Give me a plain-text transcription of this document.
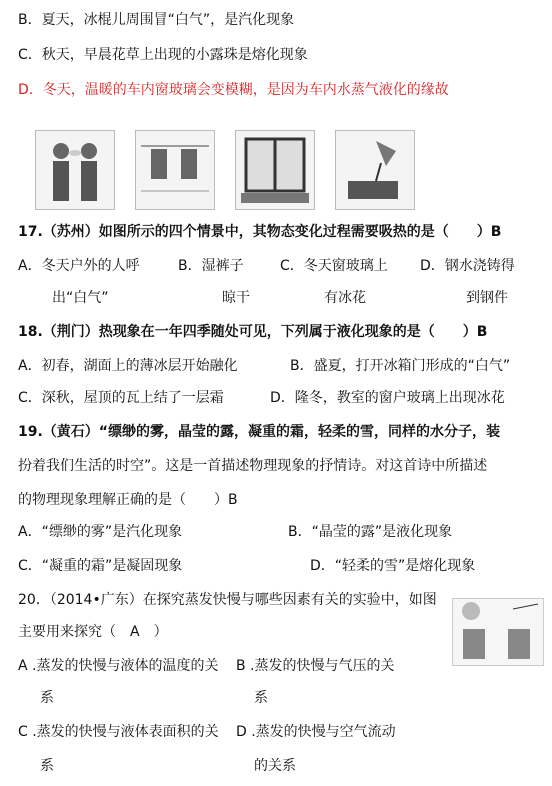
B．夏天，冰棍儿周围冒“白气”，是汽化现象
C．秋天，早晨花草上出现的小露珠是熔化现象
D．冬天，温暖的车内窗玻璃会变模糊，是因为车内水蒸气液化的缘故
17.（苏州）如图所示的四个情景中，其物态变化过程需要吸热的是（　　）B
A．冬天户外的人呼	B．湿裤子	C．冬天窗玻璃上 D．钢水浇铸得
出“白气”	晾干	有冰花	到钢件
18.（荆门）热现象在一年四季随处可见，下列属于液化现象的是（　　）B
A．初春，湖面上的薄冰层开始融化	B．盛夏，打开冰箱门形成的“白气”
C．深秋，屋顶的瓦上结了一层霜	D．隆冬，教室的窗户玻璃上出现冰花
19.（黄石）“缥缈的雾，晶莹的露，凝重的霜，轻柔的雪，同样的水分子，装
扮着我们生活的时空”。这是一首描述物理现象的抒情诗。对这首诗中所描述
的物理现象理解正确的是（　　）B
A．“缥缈的雾”是汽化现象	B．“晶莹的露”是液化现象
C．“凝重的霜”是凝固现象	D．“轻柔的雪”是熔化现象
20．（2014•广东）在探究蒸发快慢与哪些因素有关的实验中，如图
主要用来探究（　A　）
A .蒸发的快慢与液体的温度的关 B .蒸发的快慢与气压的关
系	系
C .蒸发的快慢与液体表面积的关 D .蒸发的快慢与空气流动
系	的关系
